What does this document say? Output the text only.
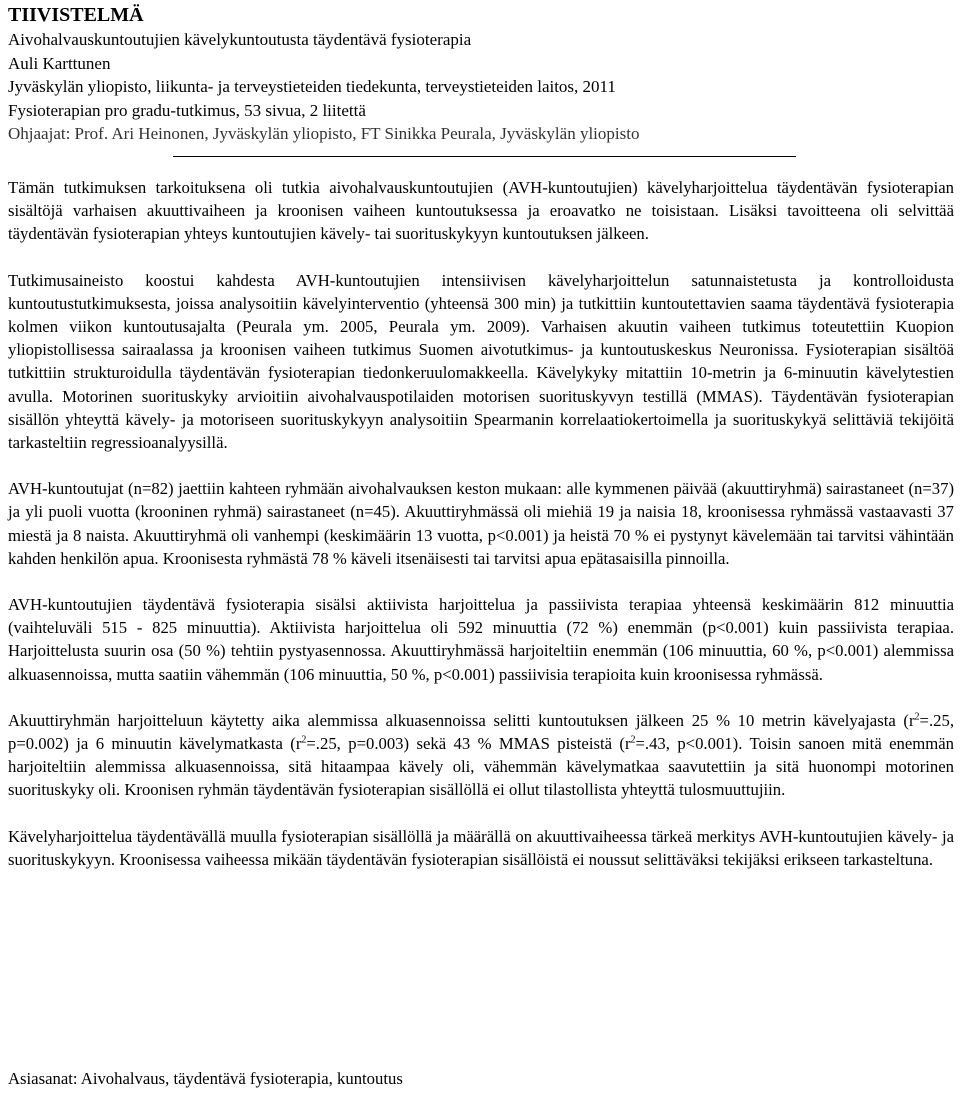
TIIVISTELMÄ
Aivohalvauskuntoutujien kävelykuntoutusta täydentävä fysioterapia
Auli Karttunen
Jyväskylän yliopisto, liikunta- ja terveystieteiden tiedekunta, terveystieteiden laitos, 2011
Fysioterapian pro gradu-tutkimus, 53 sivua, 2 liitettä
Ohjaajat: Prof. Ari Heinonen, Jyväskylän yliopisto, FT Sinikka Peurala, Jyväskylän yliopisto

Tämän tutkimuksen tarkoituksena oli tutkia aivohalvauskuntoutujien (AVH-kuntoutujien) kävelyharjoittelua täydentävän fysioterapian sisältöjä varhaisen akuuttivaiheen ja kroonisen vaiheen kuntoutuksessa ja eroavatko ne toisistaan. Lisäksi tavoitteena oli selvittää täydentävän fysioterapian yhteys kuntoutujien kävely- tai suorituskykyyn kuntoutuksen jälkeen.

Tutkimusaineisto koostui kahdesta AVH-kuntoutujien intensiivisen kävelyharjoittelun satunnaistetusta ja kontrolloidusta kuntoutustutkimuksesta, joissa analysoitiin kävelyinterventio (yhteensä 300 min) ja tutkittiin kuntoutettavien saama täydentävä fysioterapia kolmen viikon kuntoutusajalta (Peurala ym. 2005, Peurala ym. 2009). Varhaisen akuutin vaiheen tutkimus toteutettiin Kuopion yliopistollisessa sairaalassa ja kroonisen vaiheen tutkimus Suomen aivotutkimus- ja kuntoutuskeskus Neuronissa. Fysioterapian sisältöä tutkittiin strukturoidulla täydentävän fysioterapian tiedonkeruulomakkeella. Kävelykyky mitattiin 10-metrin ja 6-minuutin kävelytestien avulla. Motorinen suorituskyky arvioitiin aivohalvauspotilaiden motorisen suorituskyvyn testillä (MMAS). Täydentävän fysioterapian sisällön yhteyttä kävely- ja motoriseen suorituskykyyn analysoitiin Spearmanin korrelaatiokertoimella ja suorituskykyä selittäviä tekijöitä tarkasteltiin regressioanalyysillä.

AVH-kuntoutujat (n=82) jaettiin kahteen ryhmään aivohalvauksen keston mukaan: alle kymmenen päivää (akuuttiryhmä) sairastaneet (n=37) ja yli puoli vuotta (krooninen ryhmä) sairastaneet (n=45). Akuuttiryhmässä oli miehiä 19 ja naisia 18, kroonisessa ryhmässä vastaavasti 37 miestä ja 8 naista. Akuuttiryhmä oli vanhempi (keskimäärin 13 vuotta, p<0.001) ja heistä 70 % ei pystynyt kävelemään tai tarvitsi vähintään kahden henkilön apua. Kroonisesta ryhmästä 78 % käveli itsenäisesti tai tarvitsi apua epätasaisilla pinnoilla.

AVH-kuntoutujien täydentävä fysioterapia sisälsi aktiivista harjoittelua ja passiivista terapiaa yhteensä keskimäärin 812 minuuttia (vaihteluväli 515 - 825 minuuttia). Aktiivista harjoittelua oli 592 minuuttia (72 %) enemmän (p<0.001) kuin passiivista terapiaa. Harjoittelusta suurin osa (50 %) tehtiin pystyasennossa. Akuuttiryhmässä harjoiteltiin enemmän (106 minuuttia, 60 %, p<0.001) alemmissa alkuasennoissa, mutta saatiin vähemmän (106 minuuttia, 50 %, p<0.001) passiivisia terapioita kuin kroonisessa ryhmässä.

Akuuttiryhmän harjoitteluun käytetty aika alemmissa alkuasennoissa selitti kuntoutuksen jälkeen 25 % 10 metrin kävelyajasta ($r^2=.25$, p=0.002) ja 6 minuutin kävelymatkasta ($r^2=.25$, p=0.003) sekä 43 % MMAS pisteistä ($r^2=.43$, p<0.001). Toisin sanoen mitä enemmän harjoiteltiin alemmissa alkuasennoissa, sitä hitaampaa kävely oli, vähemmän kävelymatkaa saavutettiin ja sitä huonompi motorinen suorituskyky oli. Kroonisen ryhmän täydentävän fysioterapian sisällöllä ei ollut tilastollista yhteyttä tulosmuuttujiin.

Kävelyharjoittelua täydentävällä muulla fysioterapian sisällöllä ja määrällä on akuuttivaiheessa tärkeä merkitys AVH-kuntoutujien kävely- ja suorituskykyyn. Kroonisessa vaiheessa mikään täydentävän fysioterapian sisällöistä ei noussut selittäväksi tekijäksi erikseen tarkasteltuna.

Asiasanat: Aivohalvaus, täydentävä fysioterapia, kuntoutus
